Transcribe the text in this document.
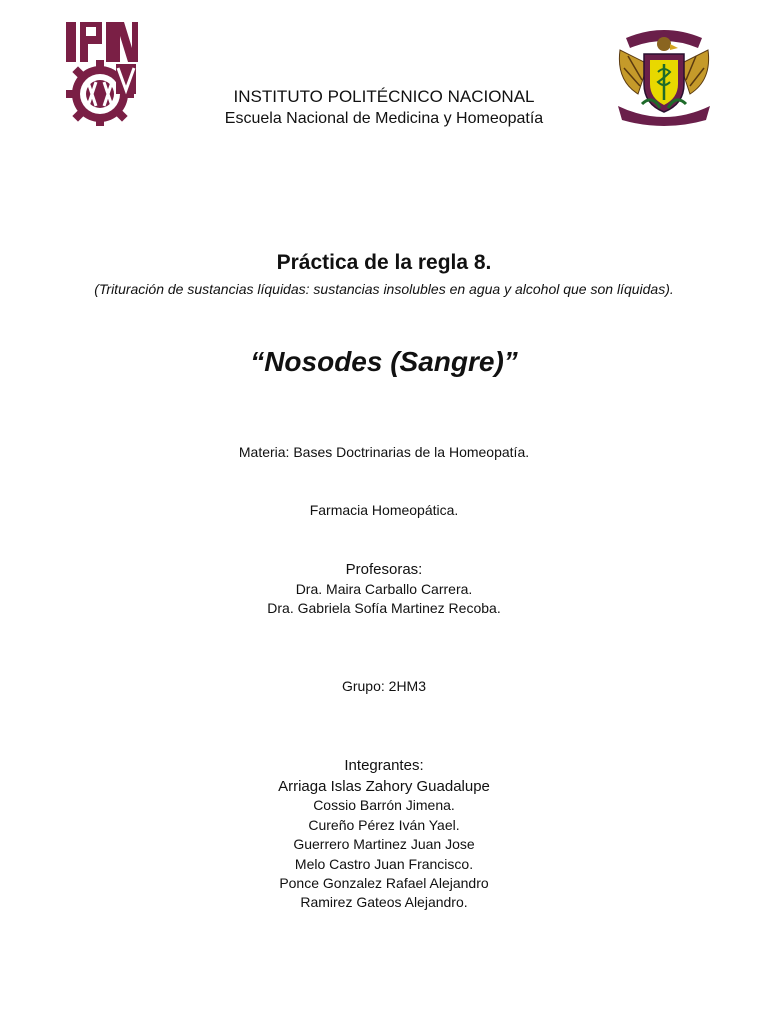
INSTITUTO POLITÉCNICO NACIONAL
Escuela Nacional de Medicina y Homeopatía
Práctica de la regla 8.
(Trituración de sustancias líquidas: sustancias insolubles en agua y alcohol que son líquidas).
“Nosodes (Sangre)”
Materia: Bases Doctrinarias de la Homeopatía.
Farmacia Homeopática.
Profesoras:
Dra. Maira Carballo Carrera.
Dra. Gabriela Sofía Martinez Recoba.
Grupo: 2HM3
Integrantes:
Arriaga Islas Zahory Guadalupe
Cossio Barrón Jimena.
Cureño Pérez Iván Yael.
Guerrero Martinez Juan Jose
Melo Castro Juan Francisco.
Ponce Gonzalez Rafael Alejandro
Ramirez Gateos Alejandro.
